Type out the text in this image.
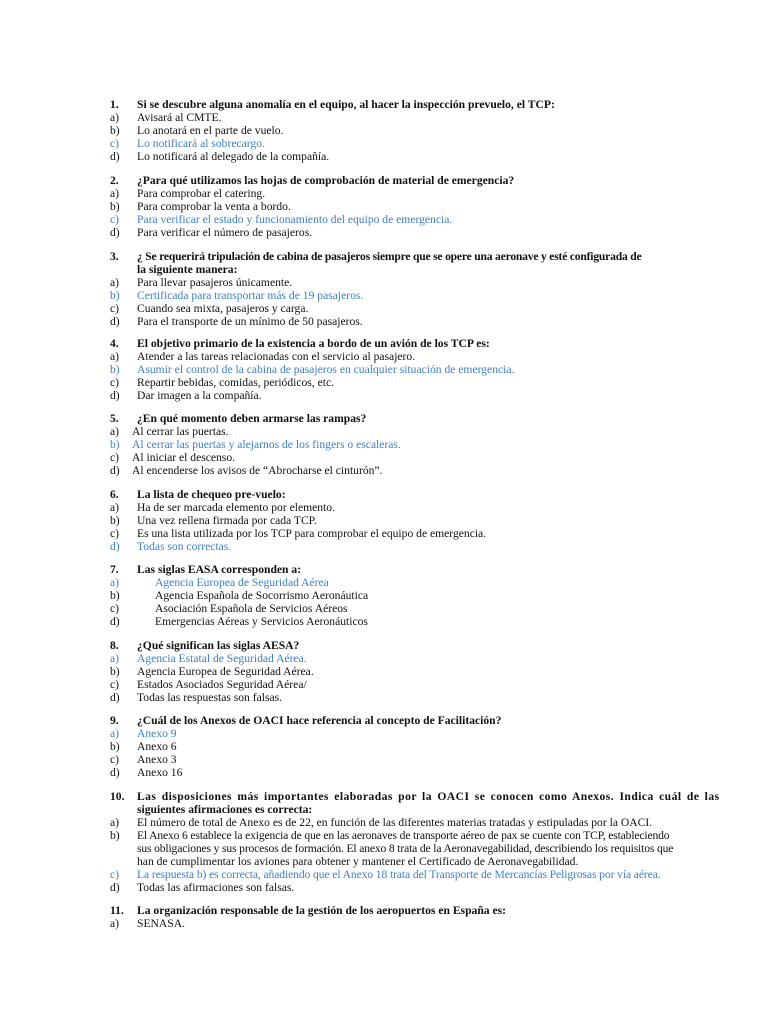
1.	Si se descubre alguna anomalía en el equipo, al hacer la inspección prevuelo, el TCP:
a)	Avisará al CMTE.
b)	Lo anotará en el parte de vuelo.
c)	Lo notificará al sobrecargo.
d)	Lo notificará al delegado de la compañía.
2.	¿Para qué utilizamos las hojas de comprobación de material de emergencia?
a)	Para comprobar el catering.
b)	Para comprobar la venta a bordo.
c)	Para verificar el estado y funcionamiento del equipo de emergencia.
d)	Para verificar el número de pasajeros.
3.	¿ Se requerirá tripulación de cabina de pasajeros siempre que se opere una aeronave y esté configurada de
la siguiente manera:
a)	Para llevar pasajeros únicamente.
b)	Certificada para transportar más de 19 pasajeros.
c)	Cuando sea mixta, pasajeros y carga.
d)	Para el transporte de un mínimo de 50 pasajeros.
4.	El objetivo primario de la existencia a bordo de un avión de los TCP es:
a)	Atender a las tareas relacionadas con el servicio al pasajero.
b)	Asumir el control de la cabina de pasajeros en cualquier situación de emergencia.
c)	Repartir bebidas, comidas, periódicos, etc.
d)	Dar imagen a la compañía.
5.	¿En qué momento deben armarse las rampas?
a)	Al cerrar las puertas.
b)	Al cerrar las puertas y alejarnos de los fingers o escaleras.
c)	Al iniciar el descenso.
d)	Al encenderse los avisos de “Abrocharse el cinturón”.
6.	La lista de chequeo pre-vuelo:
a)	Ha de ser marcada elemento por elemento.
b)	Una vez rellena firmada por cada TCP.
c)	Es una lista utilizada por los TCP para comprobar el equipo de emergencia.
d)	Todas son correctas.
7.	Las siglas EASA corresponden a:
a)	Agencia Europea de Seguridad Aérea
b)	Agencia Española de Socorrismo Aeronáutica
c)	Asociación Española de Servicios Aéreos
d)	Emergencias Aéreas y Servicios Aeronáuticos
8.	¿Qué significan las siglas AESA?
a)	Agencia Estatal de Seguridad Aérea.
b)	Agencia Europea de Seguridad Aérea.
c)	Estados Asociados Seguridad Aérea/
d)	Todas las respuestas son falsas.
9.	¿Cuál de los Anexos de OACI hace referencia al concepto de Facilitación?
a)	Anexo 9
b)	Anexo 6
c)	Anexo 3
d)	Anexo 16
10.	Las disposiciones más importantes elaboradas por la OACI se conocen como Anexos. Indica cuál de las
siguientes afirmaciones es correcta:
a)	El número de total de Anexo es de 22, en función de las diferentes materias tratadas y estipuladas por la OACI.
b)	El Anexo 6 establece la exigencia de que en las aeronaves de transporte aéreo de pax se cuente con TCP, estableciendo
sus obligaciones y sus procesos de formación. El anexo 8 trata de la Aeronavegabilidad, describiendo los requisitos que
han de cumplimentar los aviones para obtener y mantener el Certificado de Aeronavegabilidad.
c)	La respuesta b) es correcta, añadiendo que el Anexo 18 trata del Transporte de Mercancías Peligrosas por vía aérea.
d)	Todas las afirmaciones son falsas.
11.	La organización responsable de la gestión de los aeropuertos en España es:
a)	SENASA.
